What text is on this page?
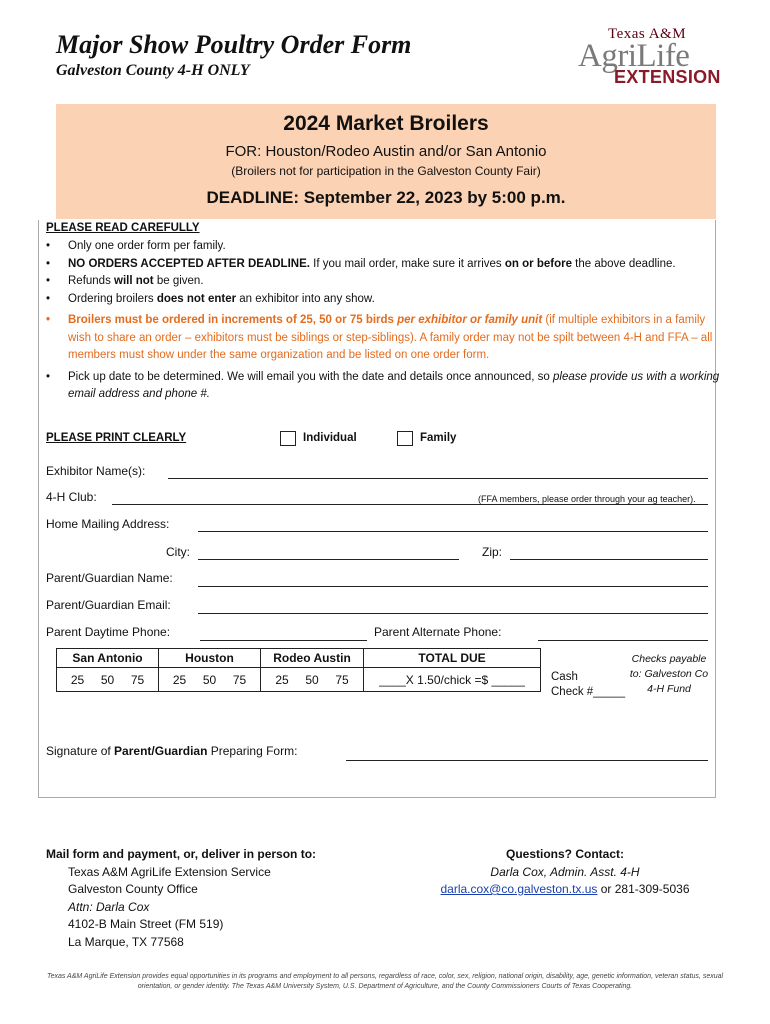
Major Show Poultry Order Form
Galveston County 4-H ONLY
Texas A&M
AgriLife
EXTENSION
2024 Market Broilers
FOR: Houston/Rodeo Austin and/or San Antonio
(Broilers not for participation in the Galveston County Fair)
DEADLINE: September 22, 2023 by 5:00 p.m.
PLEASE READ CAREFULLY
• Only one order form per family.
• NO ORDERS ACCEPTED AFTER DEADLINE. If you mail order, make sure it arrives on or before the above deadline.
• Refunds will not be given.
• Ordering broilers does not enter an exhibitor into any show.
• Broilers must be ordered in increments of 25, 50 or 75 birds per exhibitor or family unit (if multiple exhibitors in a family wish to share an order – exhibitors must be siblings or step-siblings). A family order may not be spilt between 4-H and FFA – all members must show under the same organization and be listed on one order form.
• Pick up date to be determined. We will email you with the date and details once announced, so please provide us with a working email address and phone #.
PLEASE PRINT CLEARLY	Individual	Family
Exhibitor Name(s):
4-H Club:	(FFA members, please order through your ag teacher).
Home Mailing Address:
City:	Zip:
Parent/Guardian Name:
Parent/Guardian Email:
Parent Daytime Phone:	Parent Alternate Phone:
San Antonio	Houston	Rodeo Austin	TOTAL DUE
25 50 75	25 50 75	25 50 75	____X 1.50/chick =$ _____ Cash
Check #_____
Checks payable to: Galveston Co 4-H Fund
Signature of Parent/Guardian Preparing Form:
Mail form and payment, or, deliver in person to:
Texas A&M AgriLife Extension Service
Galveston County Office
Attn: Darla Cox
4102-B Main Street (FM 519)
La Marque, TX 77568
Questions? Contact:
Darla Cox, Admin. Asst. 4-H
darla.cox@co.galveston.tx.us or 281-309-5036
Texas A&M AgriLife Extension provides equal opportunities in its programs and employment to all persons, regardless of race, color, sex, religion, national origin, disability, age, genetic information, veteran status, sexual orientation, or gender identity. The Texas A&M University System, U.S. Department of Agriculture, and the County Commissioners Courts of Texas Cooperating.
